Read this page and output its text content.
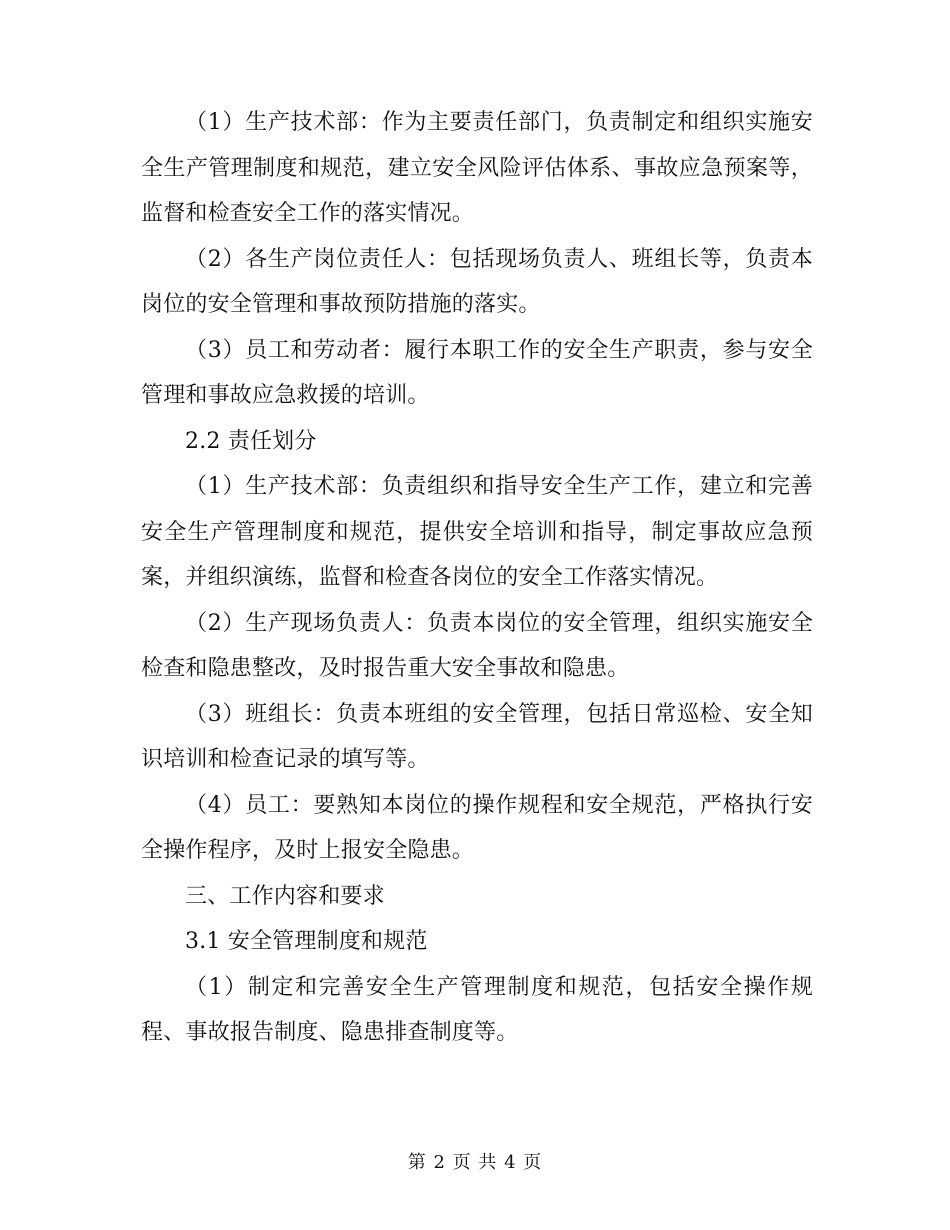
（1）生产技术部：作为主要责任部门，负责制定和组织实施安全生产管理制度和规范，建立安全风险评估体系、事故应急预案等，监督和检查安全工作的落实情况。

（2）各生产岗位责任人：包括现场负责人、班组长等，负责本岗位的安全管理和事故预防措施的落实。

（3）员工和劳动者：履行本职工作的安全生产职责，参与安全管理和事故应急救援的培训。

2.2 责任划分

（1）生产技术部：负责组织和指导安全生产工作，建立和完善安全生产管理制度和规范，提供安全培训和指导，制定事故应急预案，并组织演练，监督和检查各岗位的安全工作落实情况。

（2）生产现场负责人：负责本岗位的安全管理，组织实施安全检查和隐患整改，及时报告重大安全事故和隐患。

（3）班组长：负责本班组的安全管理，包括日常巡检、安全知识培训和检查记录的填写等。

（4）员工：要熟知本岗位的操作规程和安全规范，严格执行安全操作程序，及时上报安全隐患。

三、工作内容和要求

3.1 安全管理制度和规范

（1）制定和完善安全生产管理制度和规范，包括安全操作规程、事故报告制度、隐患排查制度等。

第 2 页 共 4 页
